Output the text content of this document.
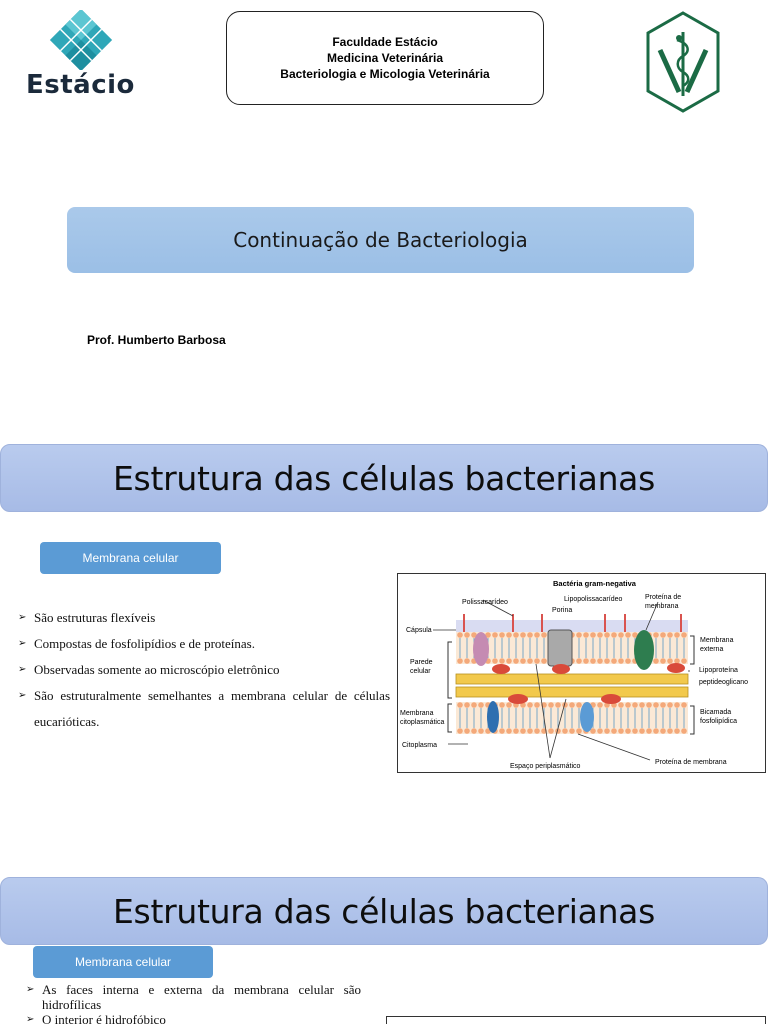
Estácio
Faculdade Estácio
Medicina Veterinária
Bacteriologia e Micologia Veterinária
Continuação de Bacteriologia
Prof. Humberto Barbosa
Estrutura das células bacterianas
Membrana celular
➢ São estruturas flexíveis
➢ Compostas de fosfolipídios e de proteínas.
➢ Observadas somente ao microscópio eletrônico
➢ São estruturalmente semelhantes a membrana celular de células eucarióticas.
Bactéria gram-negativa
Polissacarídeo	Lipopolissacarídeo
Porina
Proteína de
membrana
Cápsula
Parede
celular
Membrana
externa
Lipoproteína
peptideoglicano
Membrana
citoplasmática
Bicamada
fosfolipídica
Citoplasma
Espaço periplasmático
Proteína de membrana
Estrutura das células bacterianas
Membrana celular
➢ As faces interna e externa da membrana celular são hidrofílicas
➢ O interior é hidrofóbico
